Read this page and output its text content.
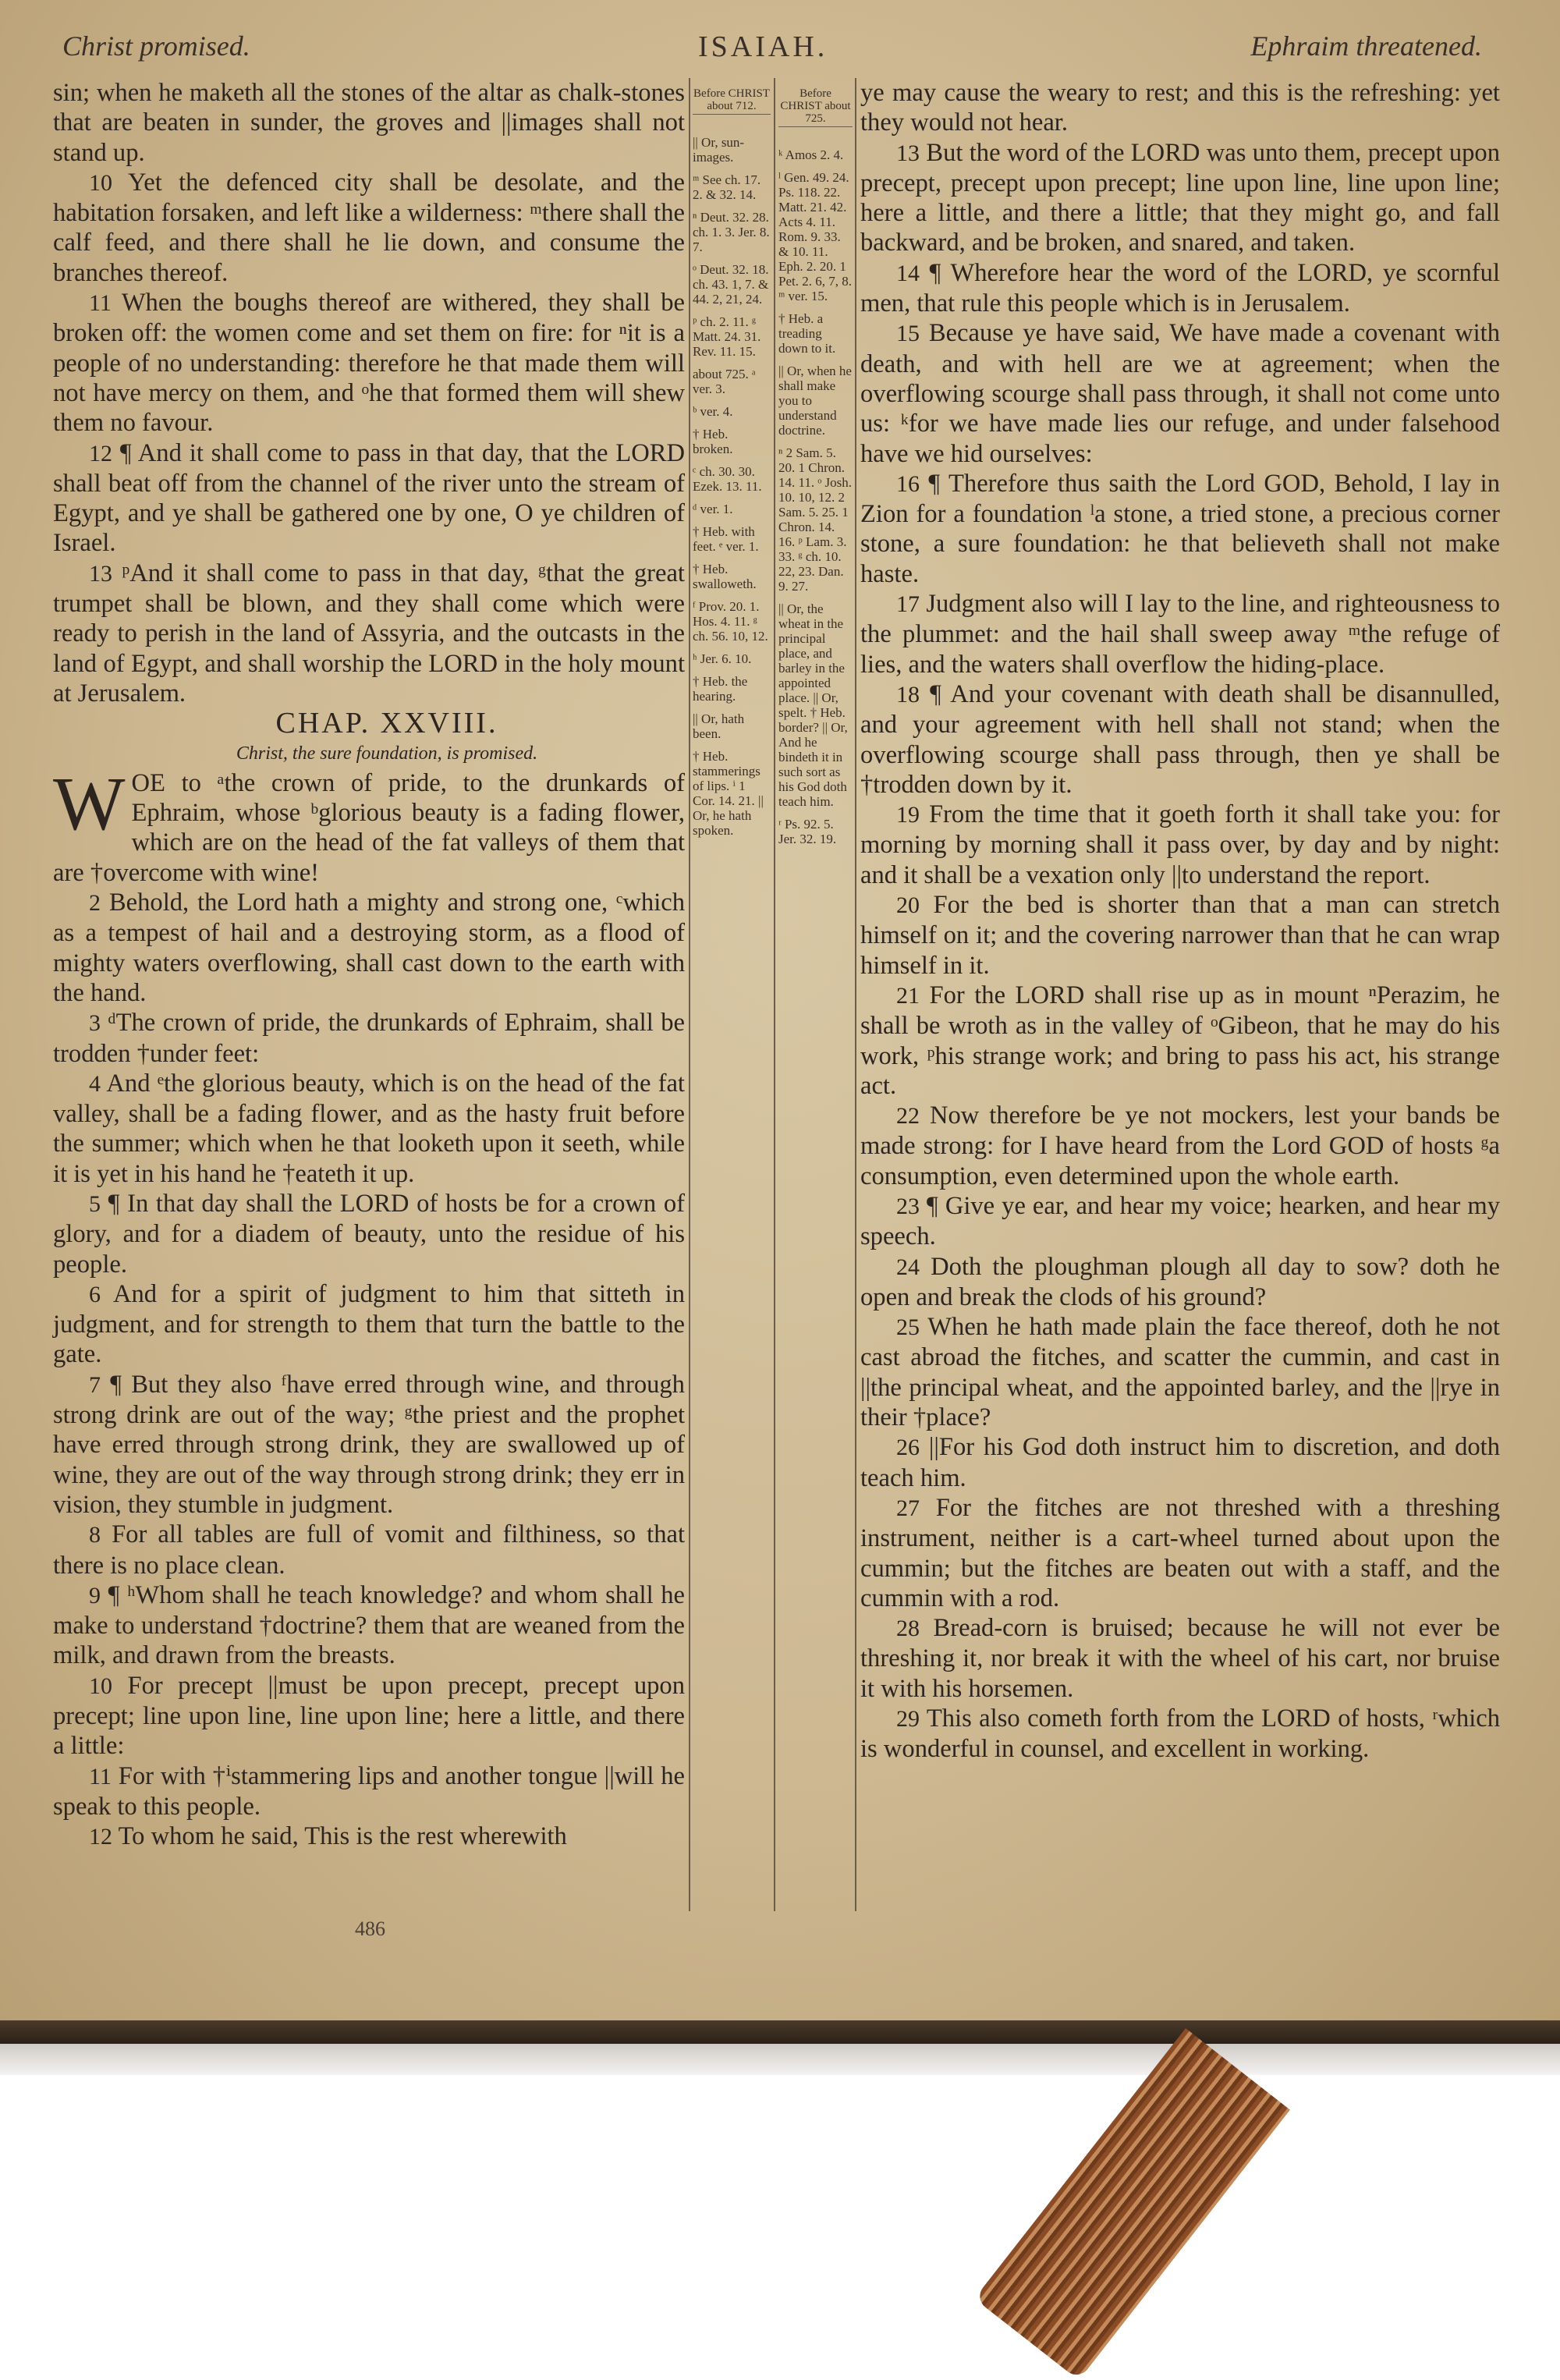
Christ promised.	ISAIAH.	Ephraim threatened.

sin; when he maketh all the stones of the altar as chalk-stones that are beaten in sunder, the groves and ||images shall not stand up.

10 Yet the defenced city shall be desolate, and the habitation forsaken, and left like a wilderness: ᵐthere shall the calf feed, and there shall he lie down, and consume the branches thereof.

11 When the boughs thereof are withered, they shall be broken off: the women come and set them on fire: for ⁿit is a people of no understanding: therefore he that made them will not have mercy on them, and ᵒhe that formed them will shew them no favour.

12 ¶ And it shall come to pass in that day, that the LORD shall beat off from the channel of the river unto the stream of Egypt, and ye shall be gathered one by one, O ye children of Israel.

13 ᵖAnd it shall come to pass in that day, ᵍthat the great trumpet shall be blown, and they shall come which were ready to perish in the land of Assyria, and the outcasts in the land of Egypt, and shall worship the LORD in the holy mount at Jerusalem.

CHAP. XXVIII.

Christ, the sure foundation, is promised.

WOE to ᵃthe crown of pride, to the drunkards of Ephraim, whose ᵇglorious beauty is a fading flower, which are on the head of the fat valleys of them that are †overcome with wine!

2 Behold, the Lord hath a mighty and strong one, ᶜwhich as a tempest of hail and a destroying storm, as a flood of mighty waters overflowing, shall cast down to the earth with the hand.

3 ᵈThe crown of pride, the drunkards of Ephraim, shall be trodden †under feet:

4 And ᵉthe glorious beauty, which is on the head of the fat valley, shall be a fading flower, and as the hasty fruit before the summer; which when he that looketh upon it seeth, while it is yet in his hand he †eateth it up.

5 ¶ In that day shall the LORD of hosts be for a crown of glory, and for a diadem of beauty, unto the residue of his people.

6 And for a spirit of judgment to him that sitteth in judgment, and for strength to them that turn the battle to the gate.

7 ¶ But they also ᶠhave erred through wine, and through strong drink are out of the way; ᵍthe priest and the prophet have erred through strong drink, they are swallowed up of wine, they are out of the way through strong drink; they err in vision, they stumble in judgment.

8 For all tables are full of vomit and filthiness, so that there is no place clean.

9 ¶ ʰWhom shall he teach knowledge? and whom shall he make to understand †doctrine? them that are weaned from the milk, and drawn from the breasts.

10 For precept ||must be upon precept, precept upon precept; line upon line, line upon line; here a little, and there a little:

11 For with †ⁱstammering lips and another tongue ||will he speak to this people.

12 To whom he said, This is the rest wherewith

Before CHRIST about 712.
|| Or, sun-images.
ᵐ See ch. 17. 2. & 32. 14.
ⁿ Deut. 32. 28. ch. 1. 3. Jer. 8. 7.
ᵒ Deut. 32. 18. ch. 43. 1, 7. & 44. 2, 21, 24.
ᵖ ch. 2. 11. ᵍ Matt. 24. 31. Rev. 11. 15.
about 725. ᵃ ver. 3.
ᵇ ver. 4.
† Heb. broken.
ᶜ ch. 30. 30. Ezek. 13. 11.
ᵈ ver. 1.
† Heb. with feet. ᵉ ver. 1.
† Heb. swalloweth.
ᶠ Prov. 20. 1. Hos. 4. 11. ᵍ ch. 56. 10, 12.
ʰ Jer. 6. 10.
† Heb. the hearing.
|| Or, hath been.
† Heb. stammerings of lips. ⁱ 1 Cor. 14. 21. || Or, he hath spoken.
Before CHRIST about 725.
ᵏ Amos 2. 4.
ˡ Gen. 49. 24. Ps. 118. 22. Matt. 21. 42. Acts 4. 11. Rom. 9. 33. & 10. 11. Eph. 2. 20. 1 Pet. 2. 6, 7, 8. ᵐ ver. 15.
† Heb. a treading down to it.
|| Or, when he shall make you to understand doctrine.
ⁿ 2 Sam. 5. 20. 1 Chron. 14. 11. ᵒ Josh. 10. 10, 12. 2 Sam. 5. 25. 1 Chron. 14. 16. ᵖ Lam. 3. 33. ᵍ ch. 10. 22, 23. Dan. 9. 27.
|| Or, the wheat in the principal place, and barley in the appointed place. || Or, spelt. † Heb. border? || Or, And he bindeth it in such sort as his God doth teach him.
ʳ Ps. 92. 5. Jer. 32. 19.

ye may cause the weary to rest; and this is the refreshing: yet they would not hear.

13 But the word of the LORD was unto them, precept upon precept, precept upon precept; line upon line, line upon line; here a little, and there a little; that they might go, and fall backward, and be broken, and snared, and taken.

14 ¶ Wherefore hear the word of the LORD, ye scornful men, that rule this people which is in Jerusalem.

15 Because ye have said, We have made a covenant with death, and with hell are we at agreement; when the overflowing scourge shall pass through, it shall not come unto us: ᵏfor we have made lies our refuge, and under falsehood have we hid ourselves:

16 ¶ Therefore thus saith the Lord GOD, Behold, I lay in Zion for a foundation ˡa stone, a tried stone, a precious corner stone, a sure foundation: he that believeth shall not make haste.

17 Judgment also will I lay to the line, and righteousness to the plummet: and the hail shall sweep away ᵐthe refuge of lies, and the waters shall overflow the hiding-place.

18 ¶ And your covenant with death shall be disannulled, and your agreement with hell shall not stand; when the overflowing scourge shall pass through, then ye shall be †trodden down by it.

19 From the time that it goeth forth it shall take you: for morning by morning shall it pass over, by day and by night: and it shall be a vexation only ||to understand the report.

20 For the bed is shorter than that a man can stretch himself on it; and the covering narrower than that he can wrap himself in it.

21 For the LORD shall rise up as in mount ⁿPerazim, he shall be wroth as in the valley of ᵒGibeon, that he may do his work, ᵖhis strange work; and bring to pass his act, his strange act.

22 Now therefore be ye not mockers, lest your bands be made strong: for I have heard from the Lord GOD of hosts ᵍa consumption, even determined upon the whole earth.

23 ¶ Give ye ear, and hear my voice; hearken, and hear my speech.

24 Doth the ploughman plough all day to sow? doth he open and break the clods of his ground?

25 When he hath made plain the face thereof, doth he not cast abroad the fitches, and scatter the cummin, and cast in ||the principal wheat, and the appointed barley, and the ||rye in their †place?

26 ||For his God doth instruct him to discretion, and doth teach him.

27 For the fitches are not threshed with a threshing instrument, neither is a cart-wheel turned about upon the cummin; but the fitches are beaten out with a staff, and the cummin with a rod.

28 Bread-corn is bruised; because he will not ever be threshing it, nor break it with the wheel of his cart, nor bruise it with his horsemen.

29 This also cometh forth from the LORD of hosts, ʳwhich is wonderful in counsel, and excellent in working.

486
